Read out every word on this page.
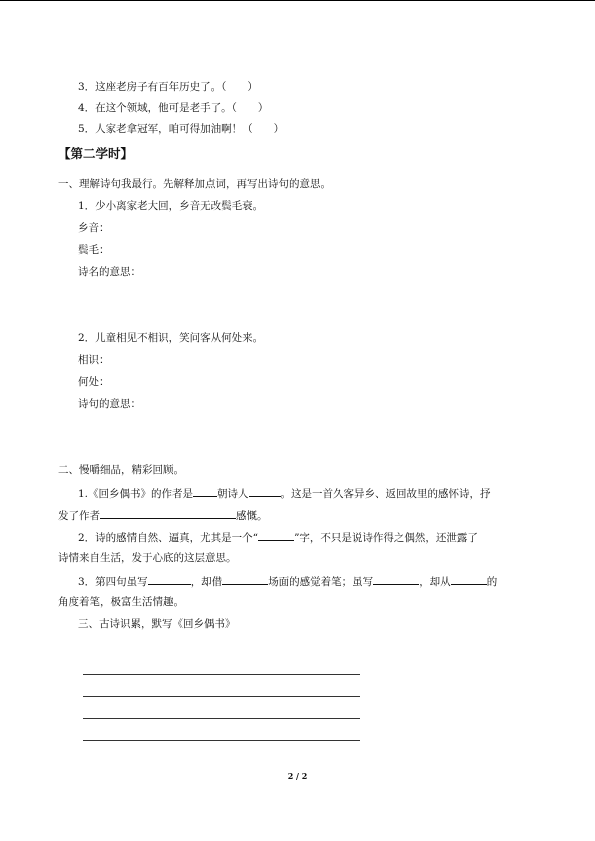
3．这座老房子有百年历史了。（　　）
4．在这个领域，他可是老手了。（　　）
5．人家老拿冠军，咱可得加油啊！（　　）
【第二学时】
一、理解诗句我最行。先解释加点词，再写出诗句的意思。
1．少小离家老大回，乡音无改鬓毛衰。
乡音：
鬓毛：
诗名的意思：
2．儿童相见不相识，笑问客从何处来。
相识：
何处：
诗句的意思：
二、慢嚼细品，精彩回顾。
1.《回乡偶书》的作者是 朝诗人	。这是一首久客异乡、返回故里的感怀诗，抒
发了作者	感慨。
2．诗的感情自然、逼真，尤其是一个“	”字，不只是说诗作得之偶然，还泄露了
诗情来自生活，发于心底的这层意思。
3．第四句虽写	，却借	场面的感觉着笔；虽写	，却从	的
角度着笔，极富生活情趣。
三、古诗识累，默写《回乡偶书》
2 / 2
